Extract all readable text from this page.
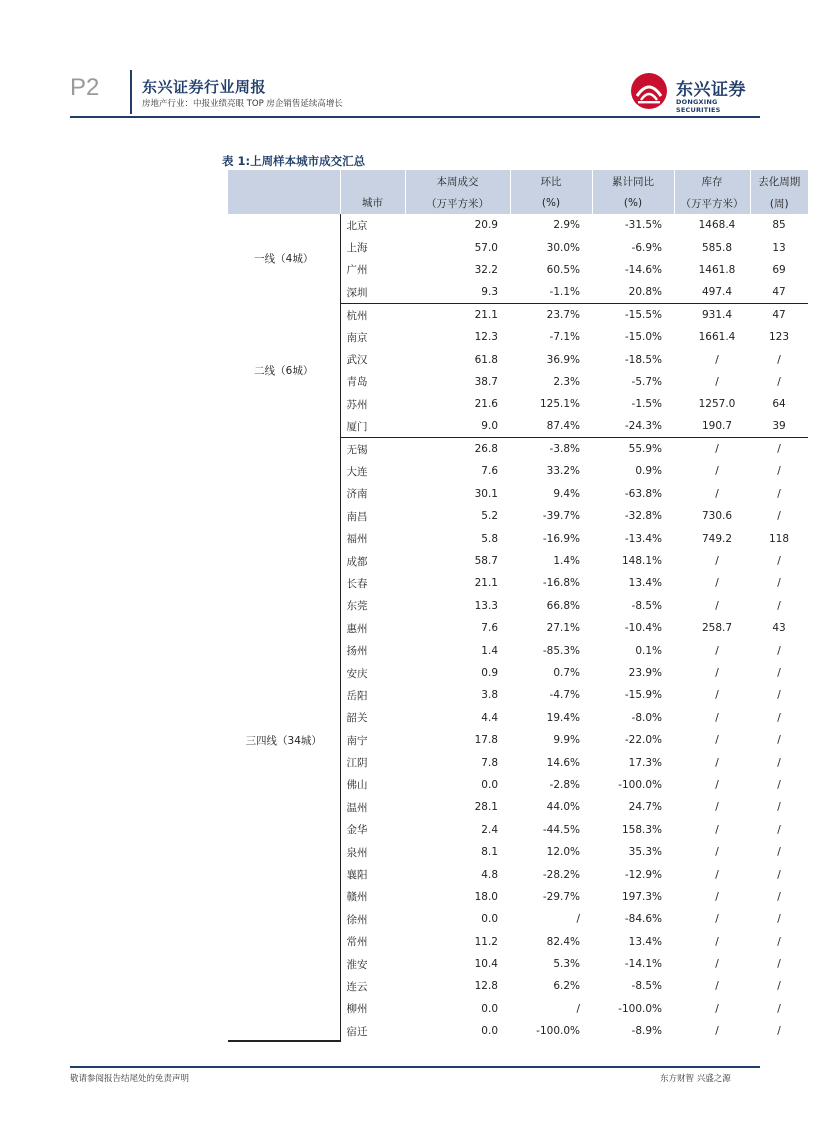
P2	东兴证券行业周报
房地产行业：中报业绩亮眼 TOP 房企销售延续高增长
东兴证券
DONGXING SECURITIES
表 1:上周样本城市成交汇总
	城市	本周成交	环比	累计同比	库存	去化周期
		（万平方米）	(%)	(%)	（万平方米）	(周)
一线（4城）	北京	20.9	2.9%	-31.5%	1468.4	85
	上海	57.0	30.0%	-6.9%	585.8	13
	广州	32.2	60.5%	-14.6%	1461.8	69
	深圳	9.3	-1.1%	20.8%	497.4	47
二线（6城）	杭州	21.1	23.7%	-15.5%	931.4	47
	南京	12.3	-7.1%	-15.0%	1661.4	123
	武汉	61.8	36.9%	-18.5%	/	/
	青岛	38.7	2.3%	-5.7%	/	/
	苏州	21.6	125.1%	-1.5%	1257.0	64
	厦门	9.0	87.4%	-24.3%	190.7	39
三四线（34城）	无锡	26.8	-3.8%	55.9%	/	/
	大连	7.6	33.2%	0.9%	/	/
	济南	30.1	9.4%	-63.8%	/	/
	南昌	5.2	-39.7%	-32.8%	730.6	/
	福州	5.8	-16.9%	-13.4%	749.2	118
	成都	58.7	1.4%	148.1%	/	/
	长春	21.1	-16.8%	13.4%	/	/
	东莞	13.3	66.8%	-8.5%	/	/
	惠州	7.6	27.1%	-10.4%	258.7	43
	扬州	1.4	-85.3%	0.1%	/	/
	安庆	0.9	0.7%	23.9%	/	/
	岳阳	3.8	-4.7%	-15.9%	/	/
	韶关	4.4	19.4%	-8.0%	/	/
	南宁	17.8	9.9%	-22.0%	/	/
	江阴	7.8	14.6%	17.3%	/	/
	佛山	0.0	-2.8%	-100.0%	/	/
	温州	28.1	44.0%	24.7%	/	/
	金华	2.4	-44.5%	158.3%	/	/
	泉州	8.1	12.0%	35.3%	/	/
	襄阳	4.8	-28.2%	-12.9%	/	/
	赣州	18.0	-29.7%	197.3%	/	/
	徐州	0.0	/	-84.6%	/	/
	常州	11.2	82.4%	13.4%	/	/
	淮安	10.4	5.3%	-14.1%	/	/
	连云	12.8	6.2%	-8.5%	/	/
	柳州	0.0	/	-100.0%	/	/
	宿迁	0.0	-100.0%	-8.9%	/	/
敬请参阅报告结尾处的免责声明	东方财智 兴盛之源
